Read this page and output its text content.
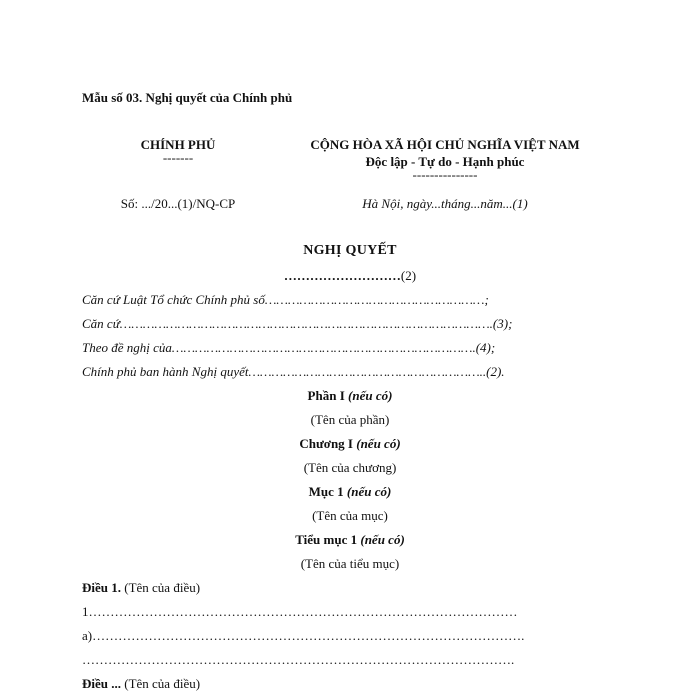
Mẫu số 03. Nghị quyết của Chính phủ
CHÍNH PHỦ
-------
CỘNG HÒA XÃ HỘI CHỦ NGHĨA VIỆT NAM
Độc lập - Tự do - Hạnh phúc
---------------
Số: .../20...(1)/NQ-CP	Hà Nội, ngày...tháng...năm...(1)
NGHỊ QUYẾT
………………………(2)
Căn cứ Luật Tổ chức Chính phủ số…………………………………………………;
Căn cứ…………………………………………………………………………………….(3);
Theo đề nghị của…………………………………………………………………….(4);
Chính phủ ban hành Nghị quyết……………………………………………………..(2).
Phần I (nếu có)
(Tên của phần)
Chương I (nếu có)
(Tên của chương)
Mục 1 (nếu có)
(Tên của mục)
Tiểu mục 1 (nếu có)
(Tên của tiểu mục)
Điều 1. (Tên của điều)
1………………………………………………………………………………………
a)……………………………………………………………………………………….
……………………………………………………………………………………….
Điều ... (Tên của điều)
